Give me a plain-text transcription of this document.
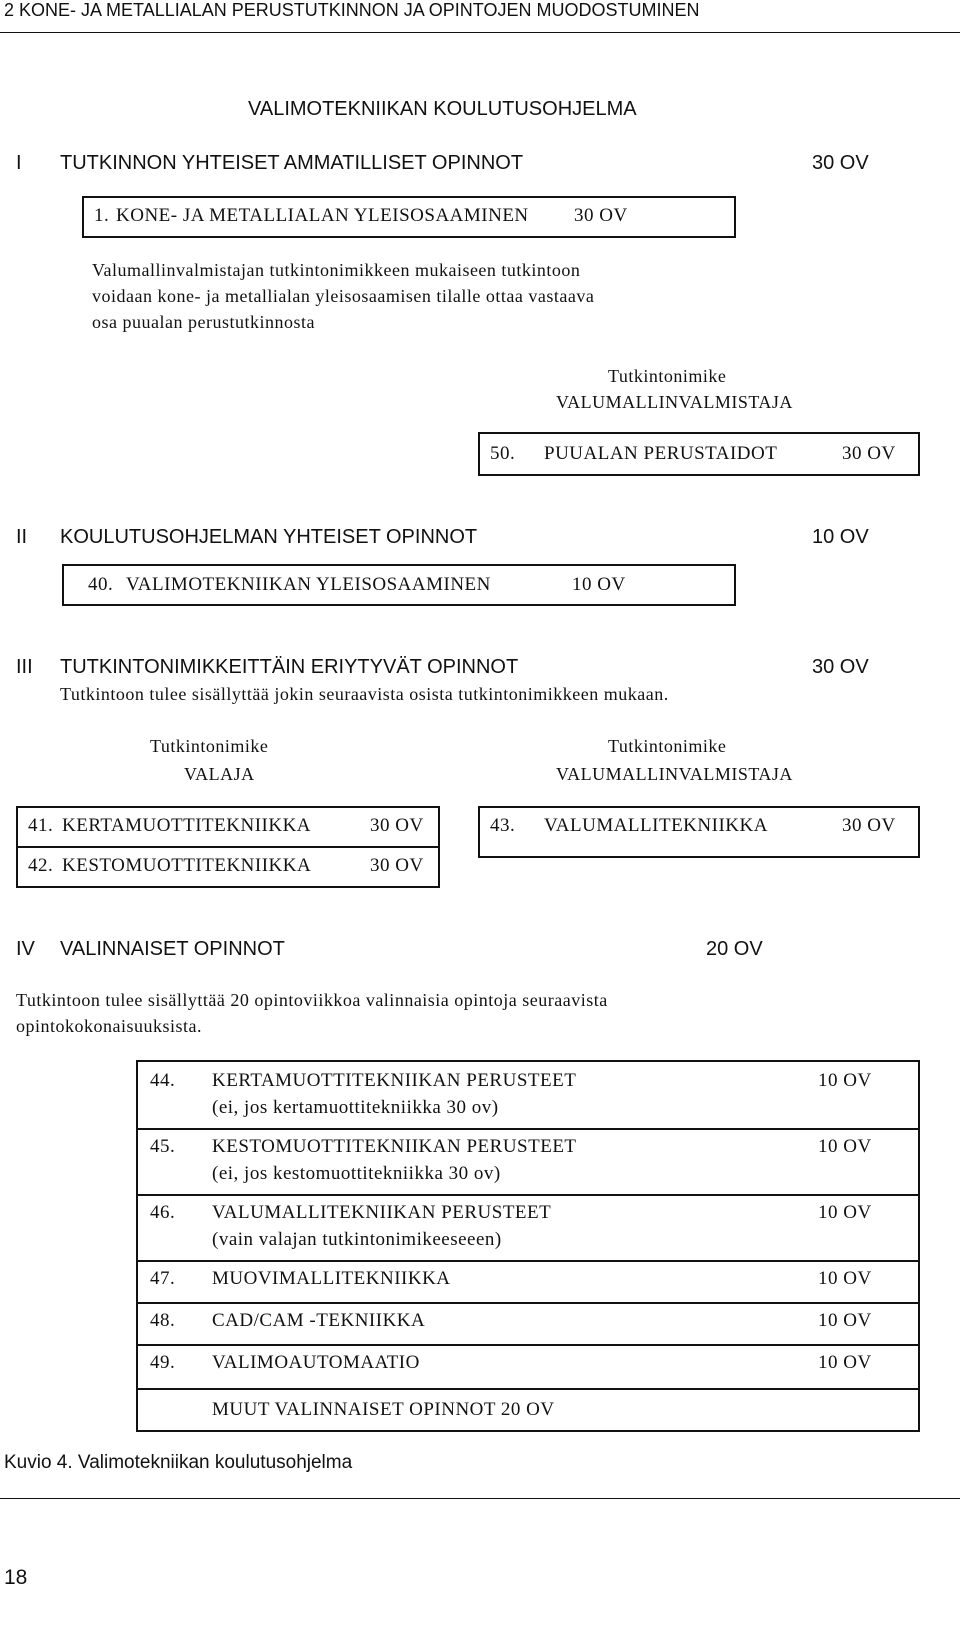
2 KONE- JA METALLIALAN PERUSTUTKINNON JA OPINTOJEN MUODOSTUMINEN
VALIMOTEKNIIKAN KOULUTUSOHJELMA
I TUTKINNON YHTEISET AMMATILLISET OPINNOT	30 OV
1. KONE- JA METALLIALAN YLEISOSAAMINEN 30 OV
Valumallinvalmistajan tutkintonimikkeen mukaiseen tutkintoon
voidaan kone- ja metallialan yleisosaamisen tilalle ottaa vastaava
osa puualan perustutkinnosta
Tutkintonimike
VALUMALLINVALMISTAJA
50. PUUALAN PERUSTAIDOT	30 OV
II KOULUTUSOHJELMAN YHTEISET OPINNOT	10 OV
40. VALIMOTEKNIIKAN YLEISOSAAMINEN	10 OV
III TUTKINTONIMIKKEITTÄIN ERIYTYVÄT OPINNOT	30 OV
Tutkintoon tulee sisällyttää jokin seuraavista osista tutkintonimikkeen mukaan.
Tutkintonimike
VALAJA
Tutkintonimike
VALUMALLINVALMISTAJA
41. KERTAMUOTTITEKNIIKKA	30 OV
42. KESTOMUOTTITEKNIIKKA	30 OV
43. VALUMALLITEKNIIKKA	30 OV
IV VALINNAISET OPINNOT	20 OV
Tutkintoon tulee sisällyttää 20 opintoviikkoa valinnaisia opintoja seuraavista
opintokokonaisuuksista.
44. KERTAMUOTTITEKNIIKAN PERUSTEET
(ei, jos kertamuottitekniikka 30 ov)
10 OV
45. KESTOMUOTTITEKNIIKAN PERUSTEET
(ei, jos kestomuottitekniikka 30 ov)
10 OV
46. VALUMALLITEKNIIKAN PERUSTEET
(vain valajan tutkintonimikeeseeen)
10 OV
47. MUOVIMALLITEKNIIKKA	10 OV
48. CAD/CAM -TEKNIIKKA	10 OV
49. VALIMOAUTOMAATIO	10 OV
MUUT VALINNAISET OPINNOT 20 OV
Kuvio 4. Valimotekniikan koulutusohjelma
18
